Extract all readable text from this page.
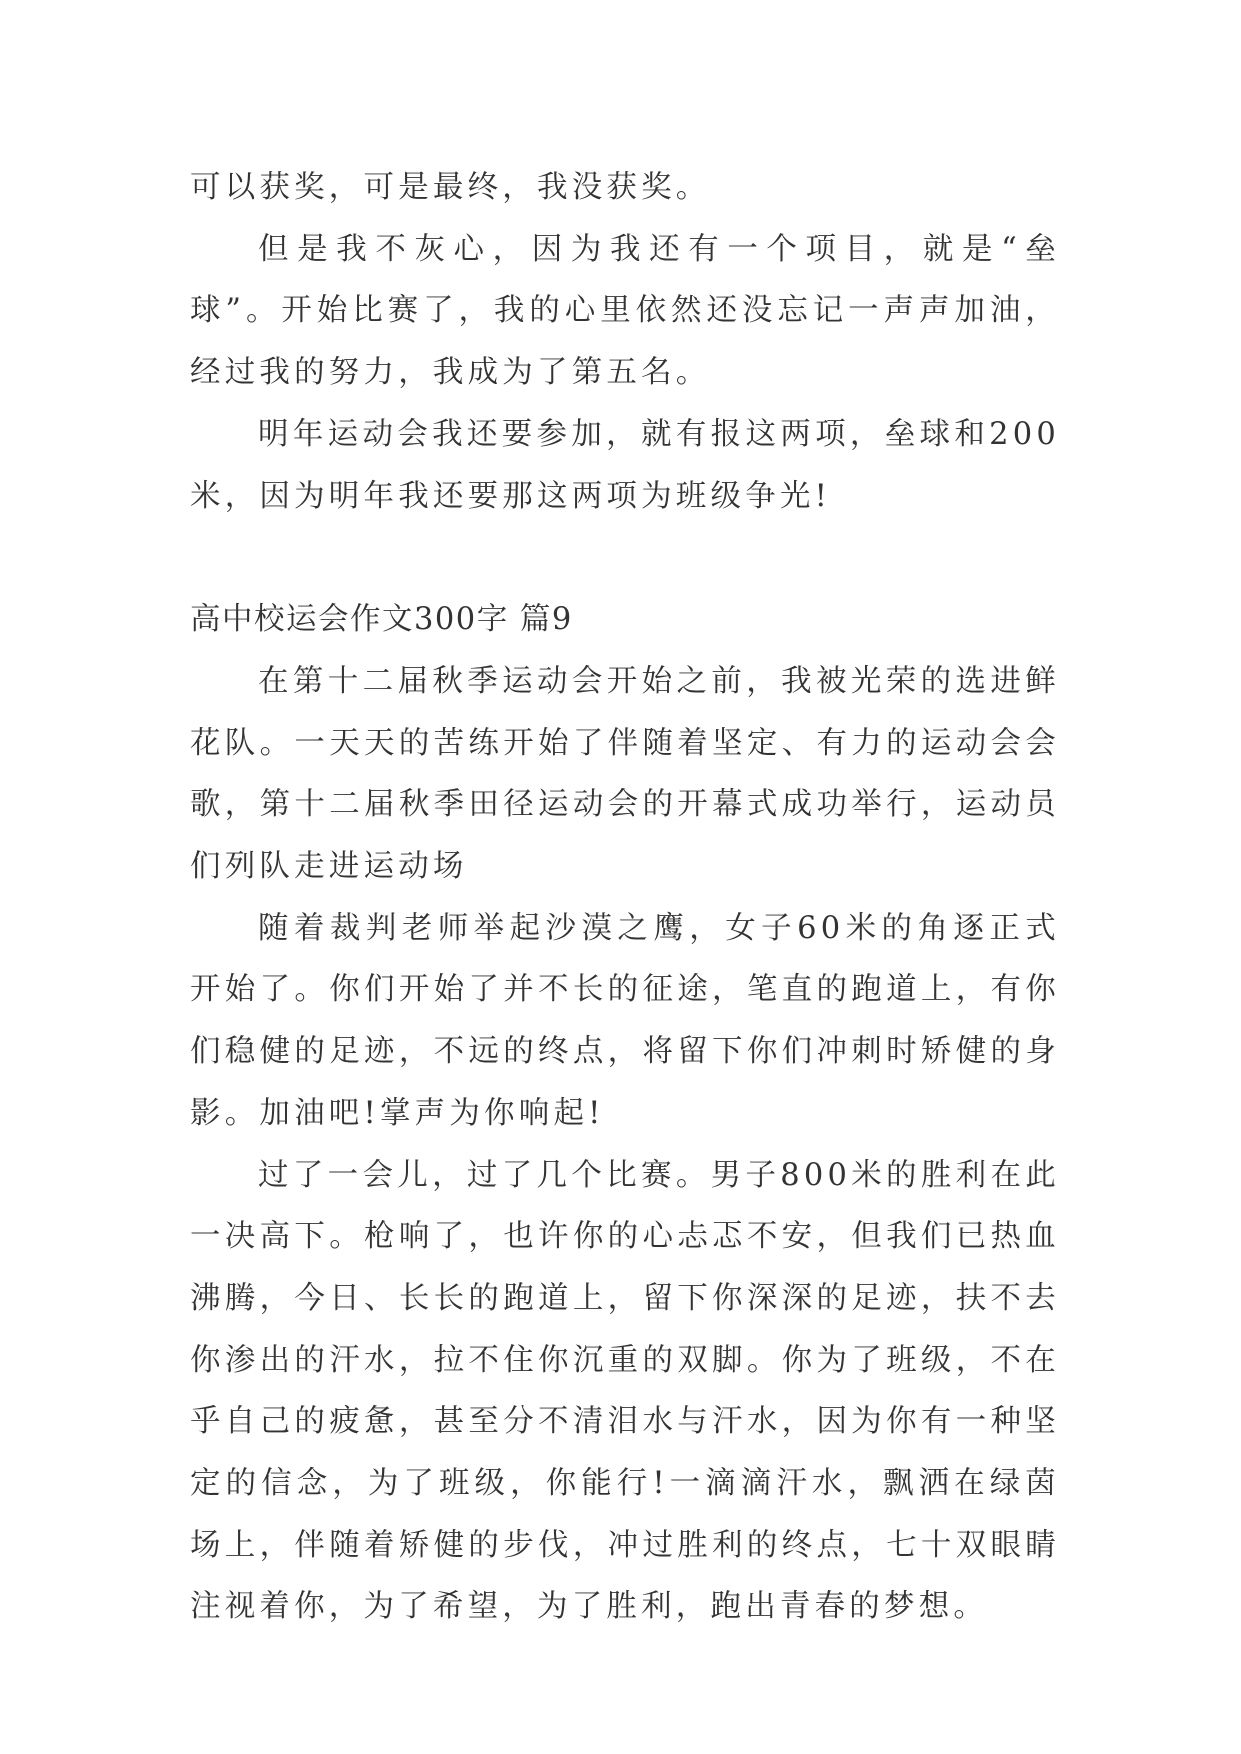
可以获奖，可是最终，我没获奖。

但是我不灰心，因为我还有一个项目，就是“垒球”。开始比赛了，我的心里依然还没忘记一声声加油，经过我的努力，我成为了第五名。

明年运动会我还要参加，就有报这两项，垒球和200米，因为明年我还要那这两项为班级争光!

高中校运会作文300字 篇9

在第十二届秋季运动会开始之前，我被光荣的选进鲜花队。一天天的苦练开始了伴随着坚定、有力的运动会会歌，第十二届秋季田径运动会的开幕式成功举行，运动员们列队走进运动场

随着裁判老师举起沙漠之鹰，女子60米的角逐正式开始了。你们开始了并不长的征途，笔直的跑道上，有你们稳健的足迹，不远的终点，将留下你们冲刺时矫健的身影。加油吧!掌声为你响起!

过了一会儿，过了几个比赛。男子800米的胜利在此一决高下。枪响了，也许你的心忐忑不安，但我们已热血沸腾，今日、长长的跑道上，留下你深深的足迹，扶不去你渗出的汗水，拉不住你沉重的双脚。你为了班级，不在乎自己的疲惫，甚至分不清泪水与汗水，因为你有一种坚定的信念，为了班级，你能行!一滴滴汗水，飘洒在绿茵场上，伴随着矫健的步伐，冲过胜利的终点，七十双眼睛注视着你，为了希望，为了胜利，跑出青春的梦想。
